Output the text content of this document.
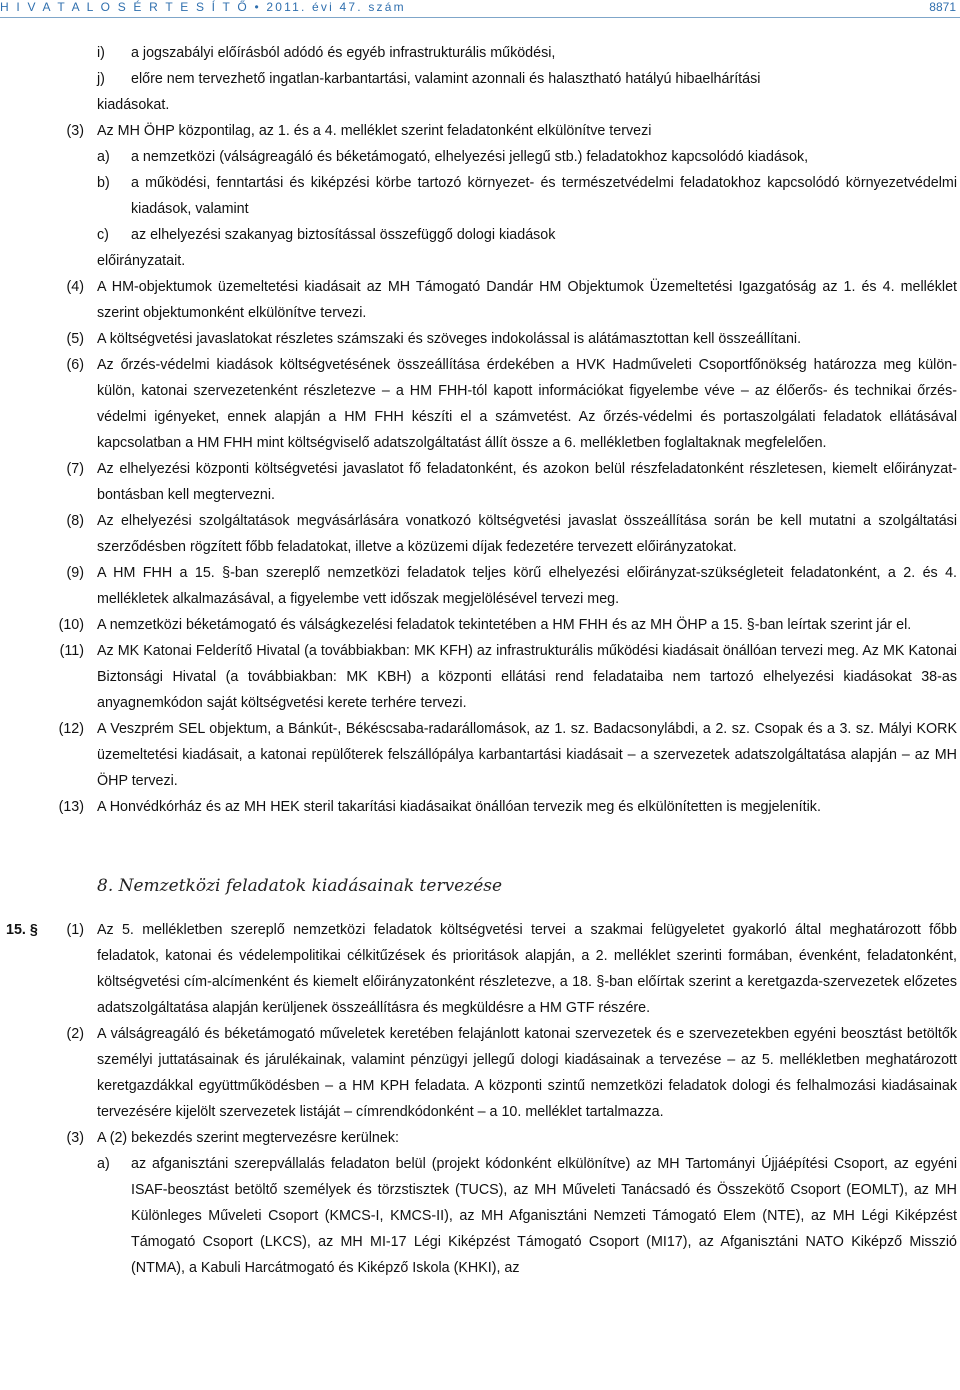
H I V A T A L O S É R T E S Í T Ő • 2011. évi 47. szám	8871
i) a jogszabályi előírásból adódó és egyéb infrastrukturális működési,
j) előre nem tervezhető ingatlan-karbantartási, valamint azonnali és halasztható hatályú hibaelhárítási
kiadásokat.
(3) Az MH ÖHP központilag, az 1. és a 4. melléklet szerint feladatonként elkülönítve tervezi
a) a nemzetközi (válságreagáló és béketámogató, elhelyezési jellegű stb.) feladatokhoz kapcsolódó kiadások,
b) a működési, fenntartási és kiképzési körbe tartozó környezet- és természetvédelmi feladatokhoz kapcsolódó környezetvédelmi kiadások, valamint
c) az elhelyezési szakanyag biztosítással összefüggő dologi kiadások
előirányzatait.
(4) A HM-objektumok üzemeltetési kiadásait az MH Támogató Dandár HM Objektumok Üzemeltetési Igazgatóság az 1. és 4. melléklet szerint objektumonként elkülönítve tervezi.
(5) A költségvetési javaslatokat részletes számszaki és szöveges indokolással is alátámasztottan kell összeállítani.
(6) Az őrzés-védelmi kiadások költségvetésének összeállítása érdekében a HVK Hadműveleti Csoportfőnökség határozza meg külön-külön, katonai szervezetenként részletezve – a HM FHH-tól kapott információkat figyelembe véve – az élőerős- és technikai őrzés-védelmi igényeket, ennek alapján a HM FHH készíti el a számvetést. Az őrzés-védelmi és portaszolgálati feladatok ellátásával kapcsolatban a HM FHH mint költségviselő adatszolgáltatást állít össze a 6. mellékletben foglaltaknak megfelelően.
(7) Az elhelyezési központi költségvetési javaslatot fő feladatonként, és azokon belül részfeladatonként részletesen, kiemelt előirányzat-bontásban kell megtervezni.
(8) Az elhelyezési szolgáltatások megvásárlására vonatkozó költségvetési javaslat összeállítása során be kell mutatni a szolgáltatási szerződésben rögzített főbb feladatokat, illetve a közüzemi díjak fedezetére tervezett előirányzatokat.
(9) A HM FHH a 15. §-ban szereplő nemzetközi feladatok teljes körű elhelyezési előirányzat-szükségleteit feladatonként, a 2. és 4. mellékletek alkalmazásával, a figyelembe vett időszak megjelölésével tervezi meg.
(10) A nemzetközi béketámogató és válságkezelési feladatok tekintetében a HM FHH és az MH ÖHP a 15. §-ban leírtak szerint jár el.
(11) Az MK Katonai Felderítő Hivatal (a továbbiakban: MK KFH) az infrastrukturális működési kiadásait önállóan tervezi meg. Az MK Katonai Biztonsági Hivatal (a továbbiakban: MK KBH) a központi ellátási rend feladataiba nem tartozó elhelyezési kiadásokat 38-as anyagnemkódon saját költségvetési kerete terhére tervezi.
(12) A Veszprém SEL objektum, a Bánkút-, Békéscsaba-radarállomások, az 1. sz. Badacsonylábdi, a 2. sz. Csopak és a 3. sz. Mályi KORK üzemeltetési kiadásait, a katonai repülőterek felszállópálya karbantartási kiadásait – a szervezetek adatszolgáltatása alapján – az MH ÖHP tervezi.
(13) A Honvédkórház és az MH HEK steril takarítási kiadásaikat önállóan tervezik meg és elkülönítetten is megjelenítik.
8. Nemzetközi feladatok kiadásainak tervezése
15. §	(1) Az 5. mellékletben szereplő nemzetközi feladatok költségvetési tervei a szakmai felügyeletet gyakorló által meghatározott főbb feladatok, katonai és védelempolitikai célkitűzések és prioritások alapján, a 2. melléklet szerinti formában, évenként, feladatonként, költségvetési cím-alcímenként és kiemelt előirányzatonként részletezve, a 18. §-ban előírtak szerint a keretgazda-szervezetek előzetes adatszolgáltatása alapján kerüljenek összeállításra és megküldésre a HM GTF részére.
(2) A válságreagáló és béketámogató műveletek keretében felajánlott katonai szervezetek és e szervezetekben egyéni beosztást betöltők személyi juttatásainak és járulékainak, valamint pénzügyi jellegű dologi kiadásainak a tervezése – az 5. mellékletben meghatározott keretgazdákkal együttműködésben – a HM KPH feladata. A központi szintű nemzetközi feladatok dologi és felhalmozási kiadásainak tervezésére kijelölt szervezetek listáját – címrendkódonként – a 10. melléklet tartalmazza.
(3) A (2) bekezdés szerint megtervezésre kerülnek:
a) az afganisztáni szerepvállalás feladaton belül (projekt kódonként elkülönítve) az MH Tartományi Újjáépítési Csoport, az egyéni ISAF-beosztást betöltő személyek és törzstisztek (TUCS), az MH Műveleti Tanácsadó és Összekötő Csoport (EOMLT), az MH Különleges Műveleti Csoport (KMCS-I, KMCS-II), az MH Afganisztáni Nemzeti Támogató Elem (NTE), az MH Légi Kiképzést Támogató Csoport (LKCS), az MH MI-17 Légi Kiképzést Támogató Csoport (MI17), az Afganisztáni NATO Kiképző Misszió (NTMA), a Kabuli Harcátmogató és Kiképző Iskola (KHKI), az
